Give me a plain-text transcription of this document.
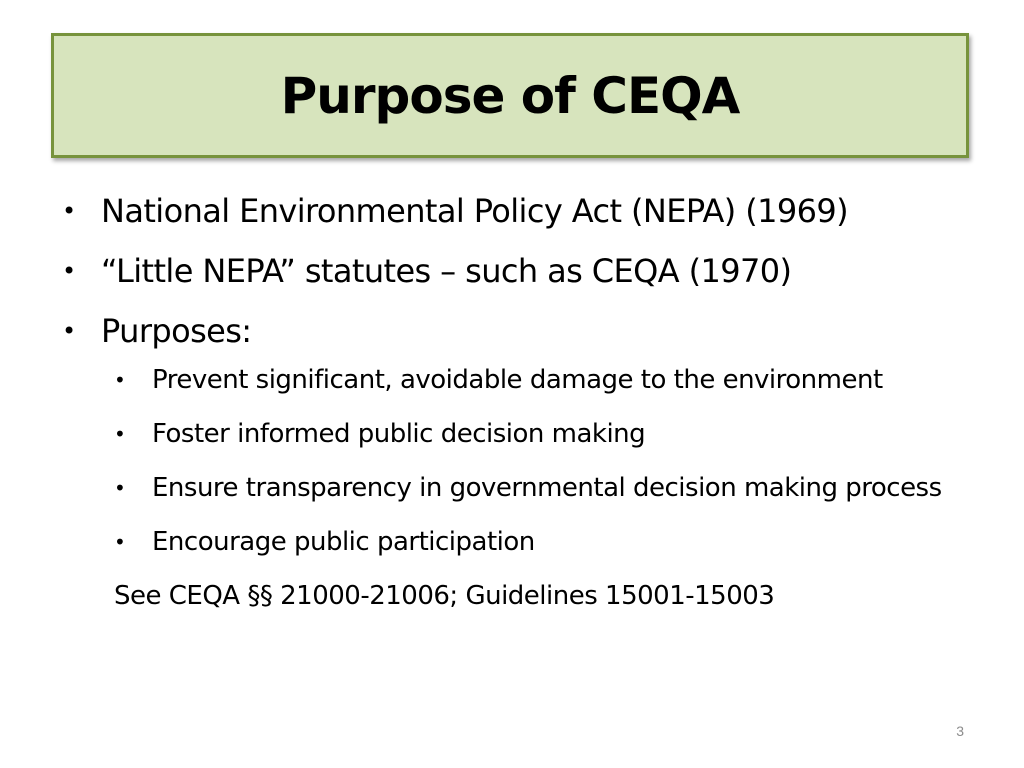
Purpose of CEQA
• National Environmental Policy Act (NEPA) (1969)
• “Little NEPA” statutes – such as CEQA (1970)
• Purposes:
• Prevent significant, avoidable damage to the environment
• Foster informed public decision making
• Ensure transparency in governmental decision making process
• Encourage public participation
See CEQA §§ 21000-21006; Guidelines 15001-15003
3
